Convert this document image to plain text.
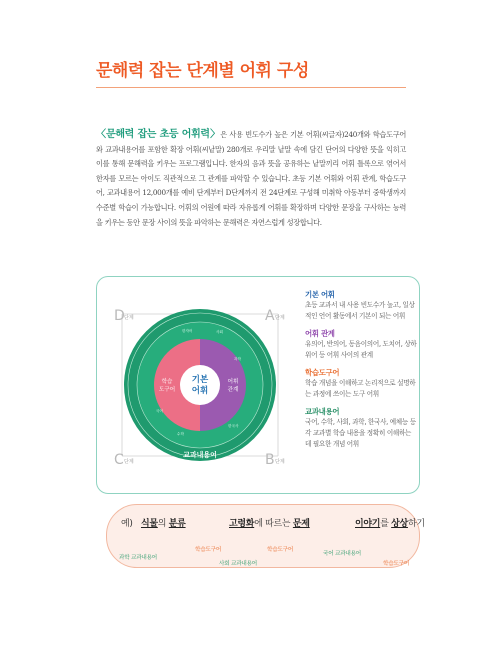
문해력 잡는 단계별 어휘 구성
〈문해력 잡는 초등 어휘력〉은 사용 빈도수가 높은 기본 어휘(씨글자)240개와 학습도구어와 교과내용어를 포함한 확장 어휘(씨낱말) 280개로 우리말 낱말 속에 담긴 단어의 다양한 뜻을 익히고 이를 통해 문해력을 키우는 프로그램입니다. 한자의 음과 뜻을 공유하는 낱말끼리 어휘 틀록으로 엮어서 한자를 모르는 아이도 직관적으로 그 관계를 파악할 수 있습니다. 초등 기본 어휘와 어휘 관계, 학습도구어, 교과내용어 12,000개를 예비 단계부터 D단계까지 전 24단계로 구성해 미취학 아동부터 중학생까지 수준별 학습이 가능합니다. 어휘의 어원에 따라 자유롭게 어휘를 확장하며 다양한 문장을 구사하는 능력을 키우는 동안 문장 사이의 뜻을 파악하는 문해력은 자연스럽게 성장합니다.
D 단계	A 단계
C 단계	B 단계
기본
어휘
학습
도구어
어휘
관계
교과내용어
한자어	사회
과학
국어
한국사
수학
기본 어휘
초등 교과서 내 사용 빈도수가 높고, 일상적인 언어 활동에서 기본이 되는 어휘
어휘 관계
유의어, 반의어, 동음이의어, 도치어, 상하위어 등 어휘 사이의 관계
학습도구어
학습 개념을 이해하고 논리적으로 설명하는 과정에 쓰이는 도구 어휘
교과내용어
국어, 수학, 사회, 과학, 한국사, 예체능 등 각 교과별 학습 내용을 정확히 이해하는 데 필요한 개념 어휘
예) 식물의 분류	고령화에 따르는 문제	이야기를 상상하기
과학 교과내용어
학습도구어
사회 교과내용어
학습도구어
국어 교과내용어
학습도구어
